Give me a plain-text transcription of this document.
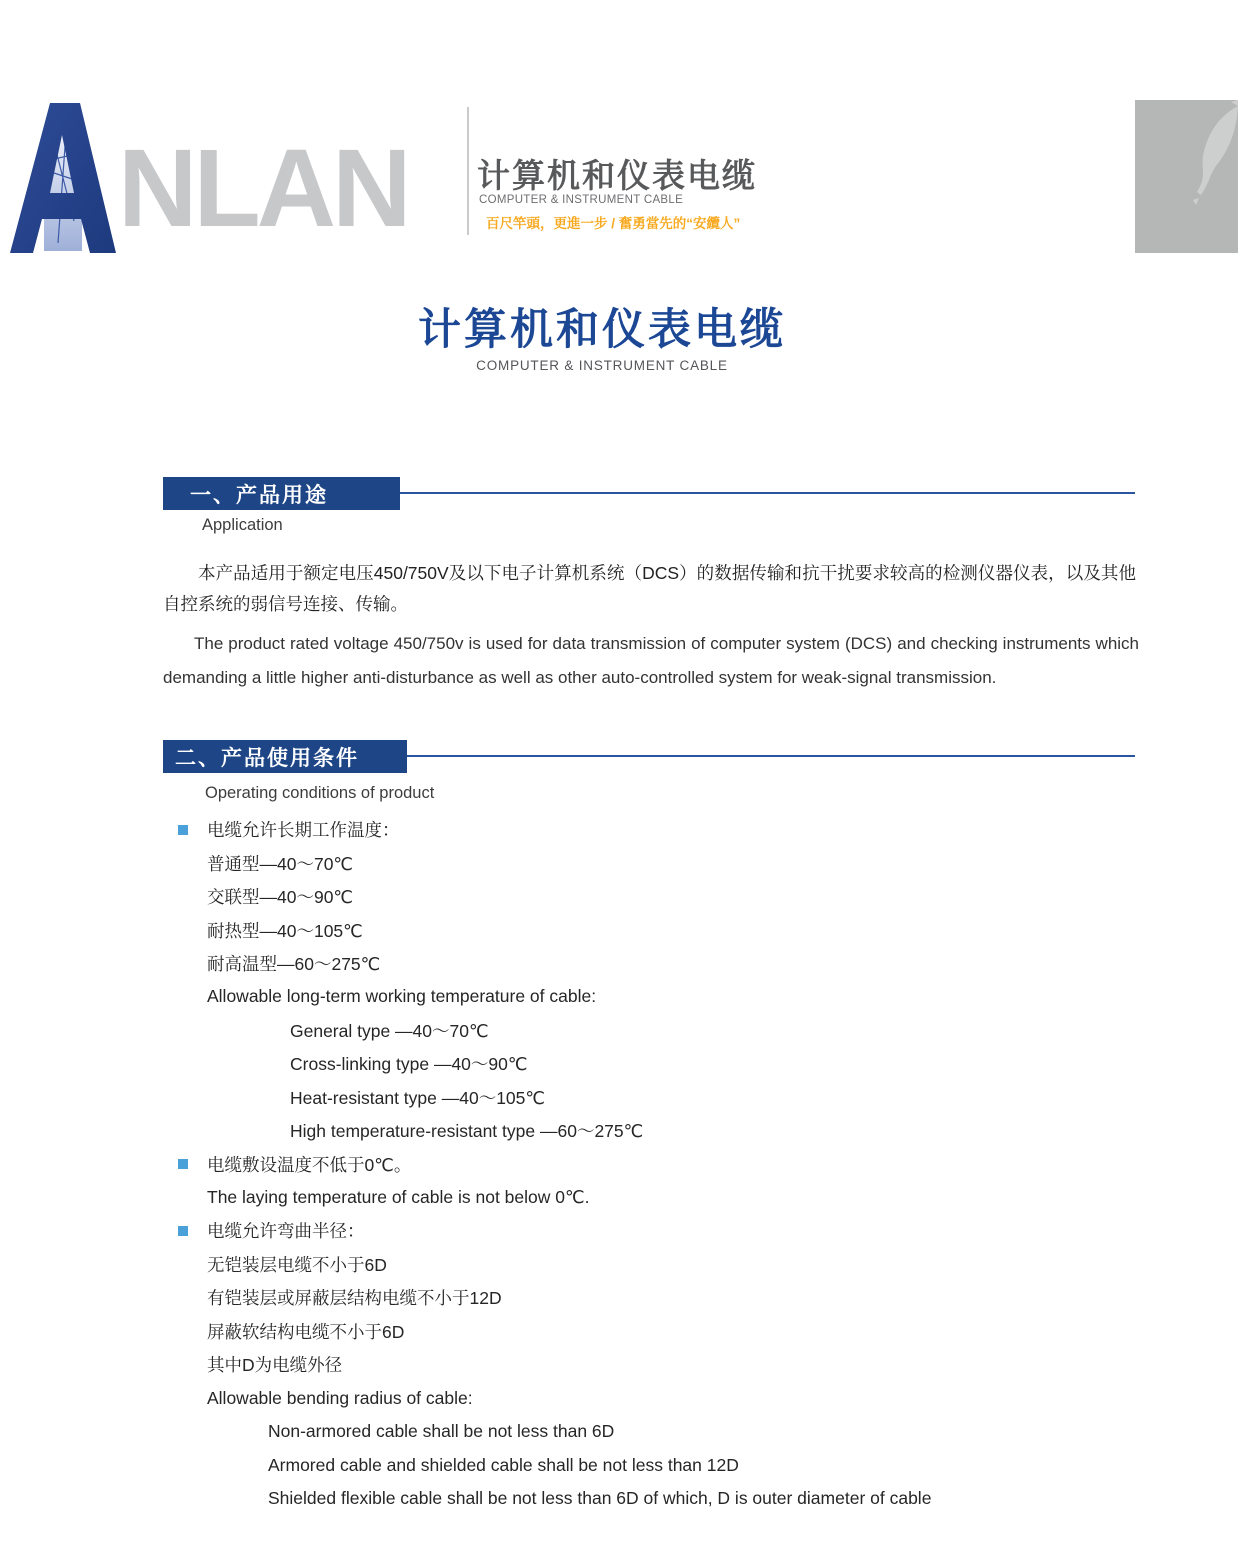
NLAN 计算机和仪表电缆
COMPUTER & INSTRUMENT CABLE
百尺竿頭，更進一步 / 奮勇當先的“安纜人”
计算机和仪表电缆
COMPUTER & INSTRUMENT CABLE
一、产品用途
Application
本产品适用于额定电压450/750V及以下电子计算机系统（DCS）的数据传输和抗干扰要求较高的检测仪器仪表，以及其他自控系统的弱信号连接、传输。
The product rated voltage 450/750v is used for data transmission of computer system (DCS) and checking instruments which demanding a little higher anti-disturbance as well as other auto-controlled system for weak-signal transmission.
二、产品使用条件
Operating conditions of product
电缆允许长期工作温度：
普通型—40～70℃
交联型—40～90℃
耐热型—40～105℃
耐高温型—60～275℃
Allowable long-term working temperature of cable:
General type —40～70℃
Cross-linking type —40～90℃
Heat-resistant type —40～105℃
High temperature-resistant type —60～275℃
电缆敷设温度不低于0℃。
The laying temperature of cable is not below 0℃.
电缆允许弯曲半径：
无铠装层电缆不小于6D
有铠装层或屏蔽层结构电缆不小于12D
屏蔽软结构电缆不小于6D
其中D为电缆外径
Allowable bending radius of cable:
Non-armored cable shall be not less than 6D
Armored cable and shielded cable shall be not less than 12D
Shielded flexible cable shall be not less than 6D of which, D is outer diameter of cable
